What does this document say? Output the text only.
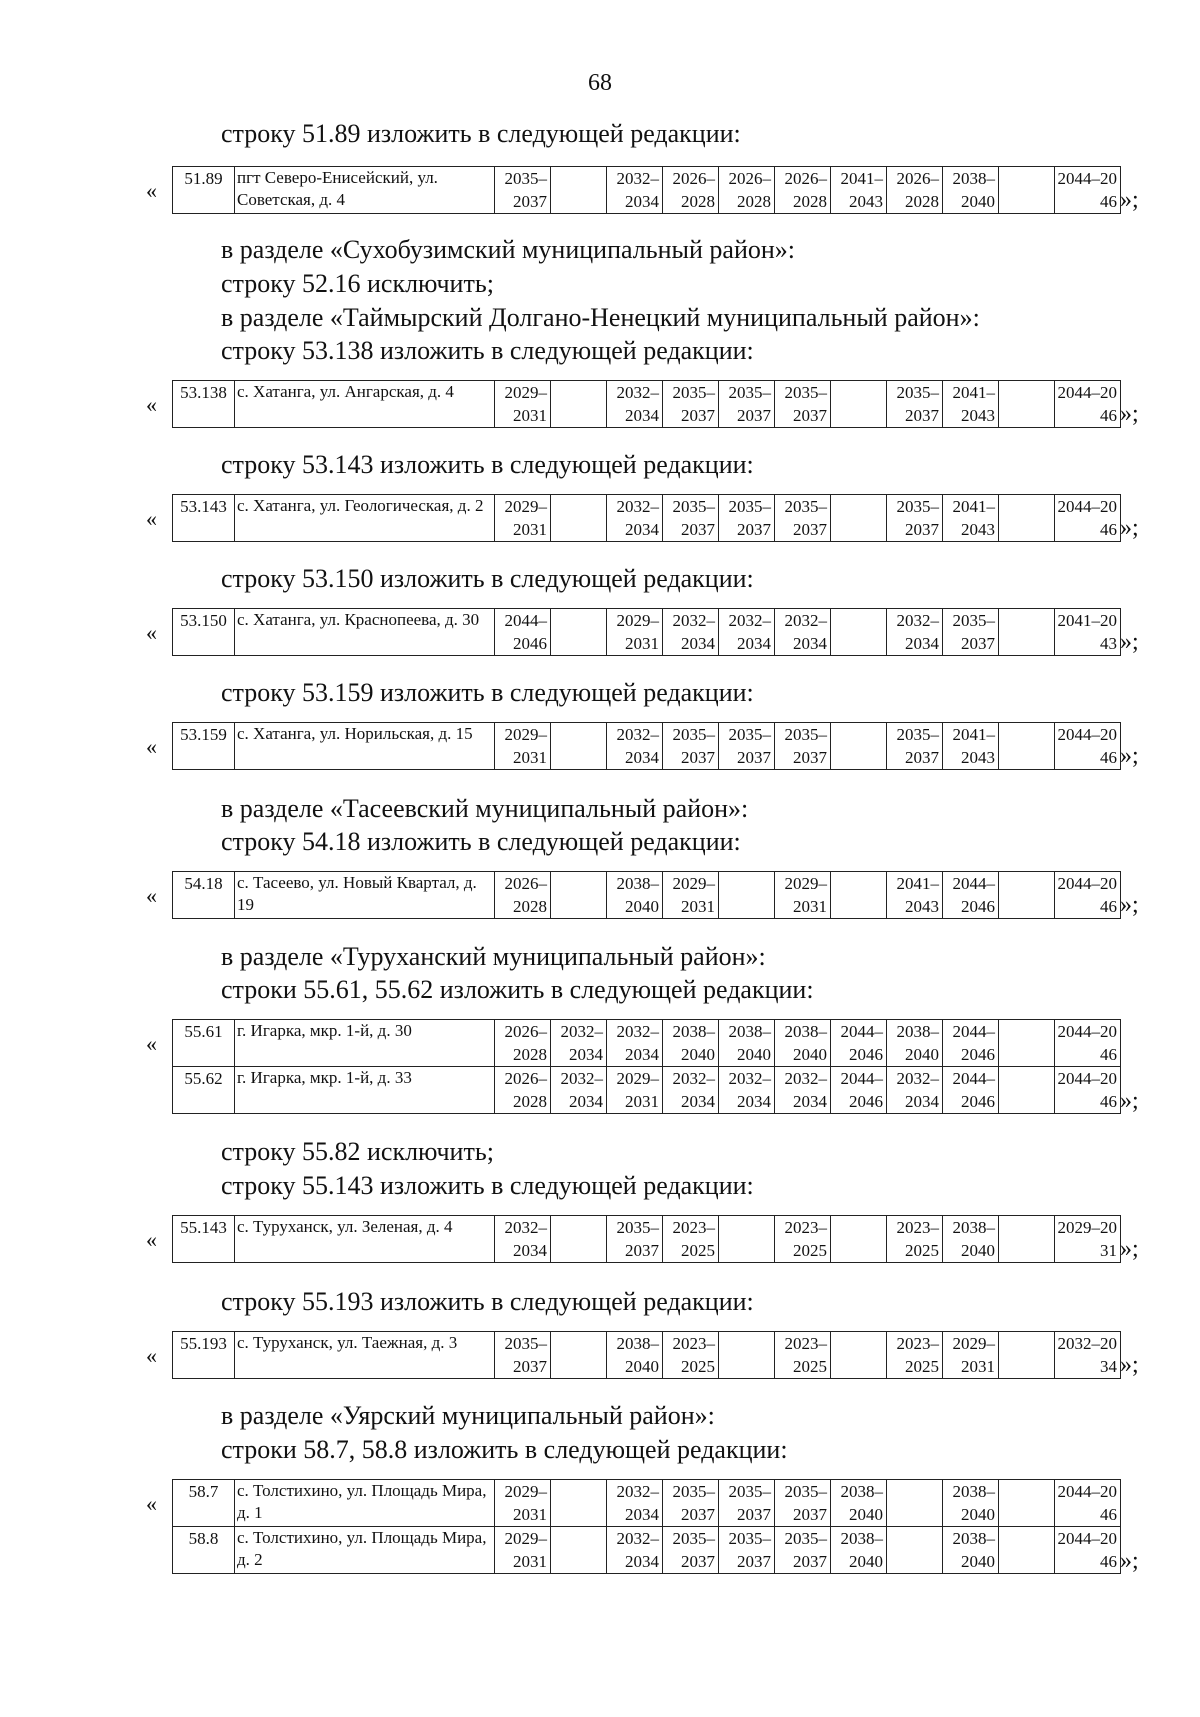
68
строку 51.89 изложить в следующей редакции:
в разделе «Сухобузимский муниципальный район»:
строку 52.16 исключить;
в разделе «Таймырский Долгано-Ненецкий муниципальный район»:
строку 53.138 изложить в следующей редакции:
строку 53.143 изложить в следующей редакции:
строку 53.150 изложить в следующей редакции:
строку 53.159 изложить в следующей редакции:
в разделе «Тасеевский муниципальный район»:
строку 54.18 изложить в следующей редакции:
в разделе «Туруханский муниципальный район»:
строки 55.61, 55.62 изложить в следующей редакции:
строку 55.82 исключить;
строку 55.143 изложить в следующей редакции:
строку 55.193 изложить в следующей редакции:
в разделе «Уярский муниципальный район»:
строки 58.7, 58.8 изложить в следующей редакции:
« 51.89	пгт Северо-Енисейский, ул. Советская, д. 4	2035–2037		2032–2034	2026–2028	2026–2028	2026–2028	2041–2043	2026–2028	2038–2040		2044–2046 »;
« 53.138	с. Хатанга, ул. Ангарская, д. 4	2029–2031		2032–2034	2035–2037	2035–2037	2035–2037		2035–2037	2041–2043		2044–2046 »;
« 53.143	с. Хатанга, ул. Геологическая, д. 2	2029–2031		2032–2034	2035–2037	2035–2037	2035–2037		2035–2037	2041–2043		2044–2046 »;
« 53.150	с. Хатанга, ул. Краснопеева, д. 30	2044–2046		2029–2031	2032–2034	2032–2034	2032–2034		2032–2034	2035–2037		2041–2043 »;
« 53.159	с. Хатанга, ул. Норильская, д. 15	2029–2031		2032–2034	2035–2037	2035–2037	2035–2037		2035–2037	2041–2043		2044–2046 »;
« 54.18	с. Тасеево, ул. Новый Квартал, д. 19	2026–2028		2038–2040	2029–2031		2029–2031		2041–2043	2044–2046		2044–2046 »;
« 55.61	г. Игарка, мкр. 1-й, д. 30	2026–2028	2032–2034	2032–2034	2038–2040	2038–2040	2038–2040	2044–2046	2038–2040	2044–2046		2044–2046
55.62	г. Игарка, мкр. 1-й, д. 33	2026–2028	2032–2034	2029–2031	2032–2034	2032–2034	2032–2034	2044–2046	2032–2034	2044–2046		2044–2046 »;
« 55.143	с. Туруханск, ул. Зеленая, д. 4	2032–2034		2035–2037	2023–2025		2023–2025		2023–2025	2038–2040		2029–2031 »;
« 55.193	с. Туруханск, ул. Таежная, д. 3	2035–2037		2038–2040	2023–2025		2023–2025		2023–2025	2029–2031		2032–2034 »;
« 58.7	с. Толстихино, ул. Площадь Мира, д. 1	2029–2031		2032–2034	2035–2037	2035–2037	2035–2037	2038–2040		2038–2040		2044–2046
58.8	с. Толстихино, ул. Площадь Мира, д. 2	2029–2031		2032–2034	2035–2037	2035–2037	2035–2037	2038–2040		2038–2040		2044–2046 »;
